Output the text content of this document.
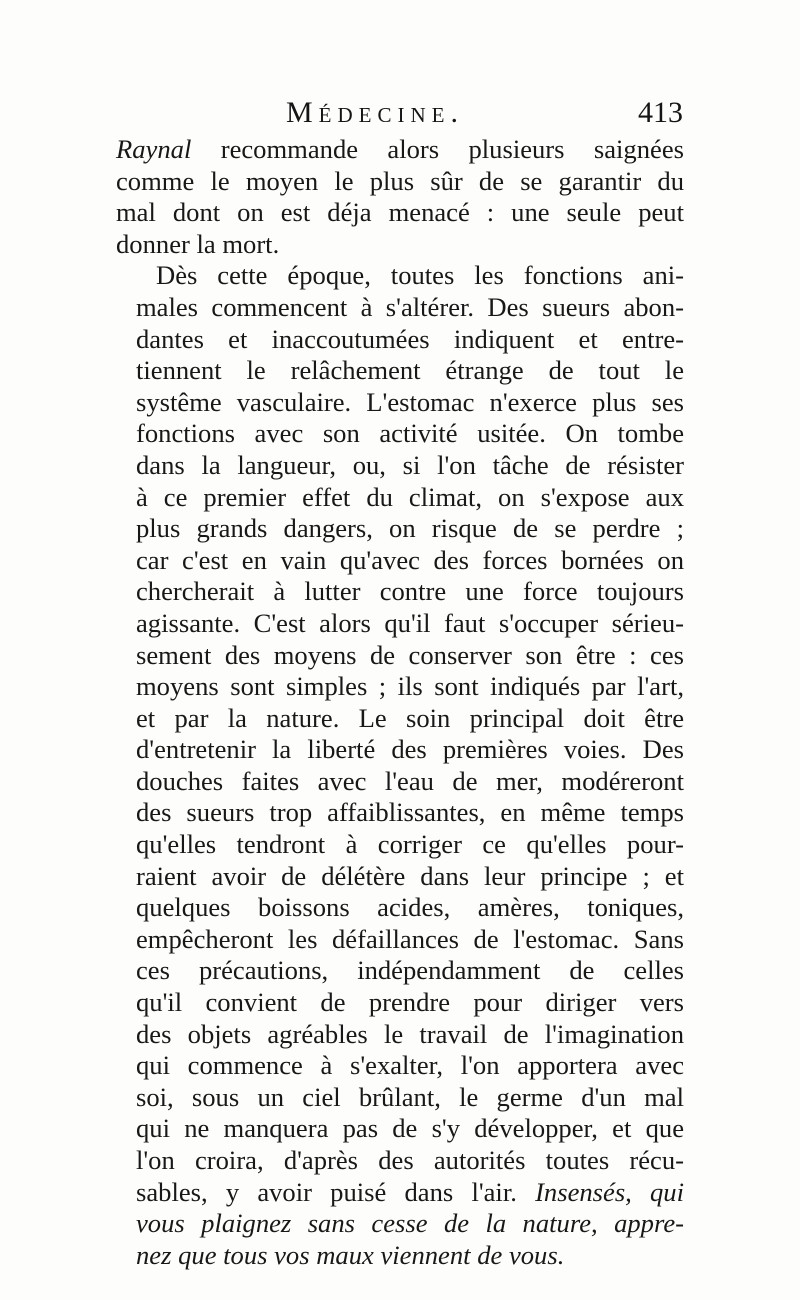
Médecine.	413
Raynal recommande alors plusieurs saignées
comme le moyen le plus sûr de se garantir du
mal dont on est déja menacé : une seule peut
donner la mort.
Dès cette époque, toutes les fonctions ani-
males commencent à s'altérer. Des sueurs abon-
dantes et inaccoutumées indiquent et entre-
tiennent le relâchement étrange de tout le
systême vasculaire. L'estomac n'exerce plus ses
fonctions avec son activité usitée. On tombe
dans la langueur, ou, si l'on tâche de résister
à ce premier effet du climat, on s'expose aux
plus grands dangers, on risque de se perdre ;
car c'est en vain qu'avec des forces bornées on
chercherait à lutter contre une force toujours
agissante. C'est alors qu'il faut s'occuper sérieu-
sement des moyens de conserver son être : ces
moyens sont simples ; ils sont indiqués par l'art,
et par la nature. Le soin principal doit être
d'entretenir la liberté des premières voies. Des
douches faites avec l'eau de mer, modéreront
des sueurs trop affaiblissantes, en même temps
qu'elles tendront à corriger ce qu'elles pour-
raient avoir de délétère dans leur principe ; et
quelques boissons acides, amères, toniques,
empêcheront les défaillances de l'estomac. Sans
ces précautions, indépendamment de celles
qu'il convient de prendre pour diriger vers
des objets agréables le travail de l'imagination
qui commence à s'exalter, l'on apportera avec
soi, sous un ciel brûlant, le germe d'un mal
qui ne manquera pas de s'y développer, et que
l'on croira, d'après des autorités toutes récu-
sables, y avoir puisé dans l'air. Insensés, qui
vous plaignez sans cesse de la nature, appre-
nez que tous vos maux viennent de vous.
